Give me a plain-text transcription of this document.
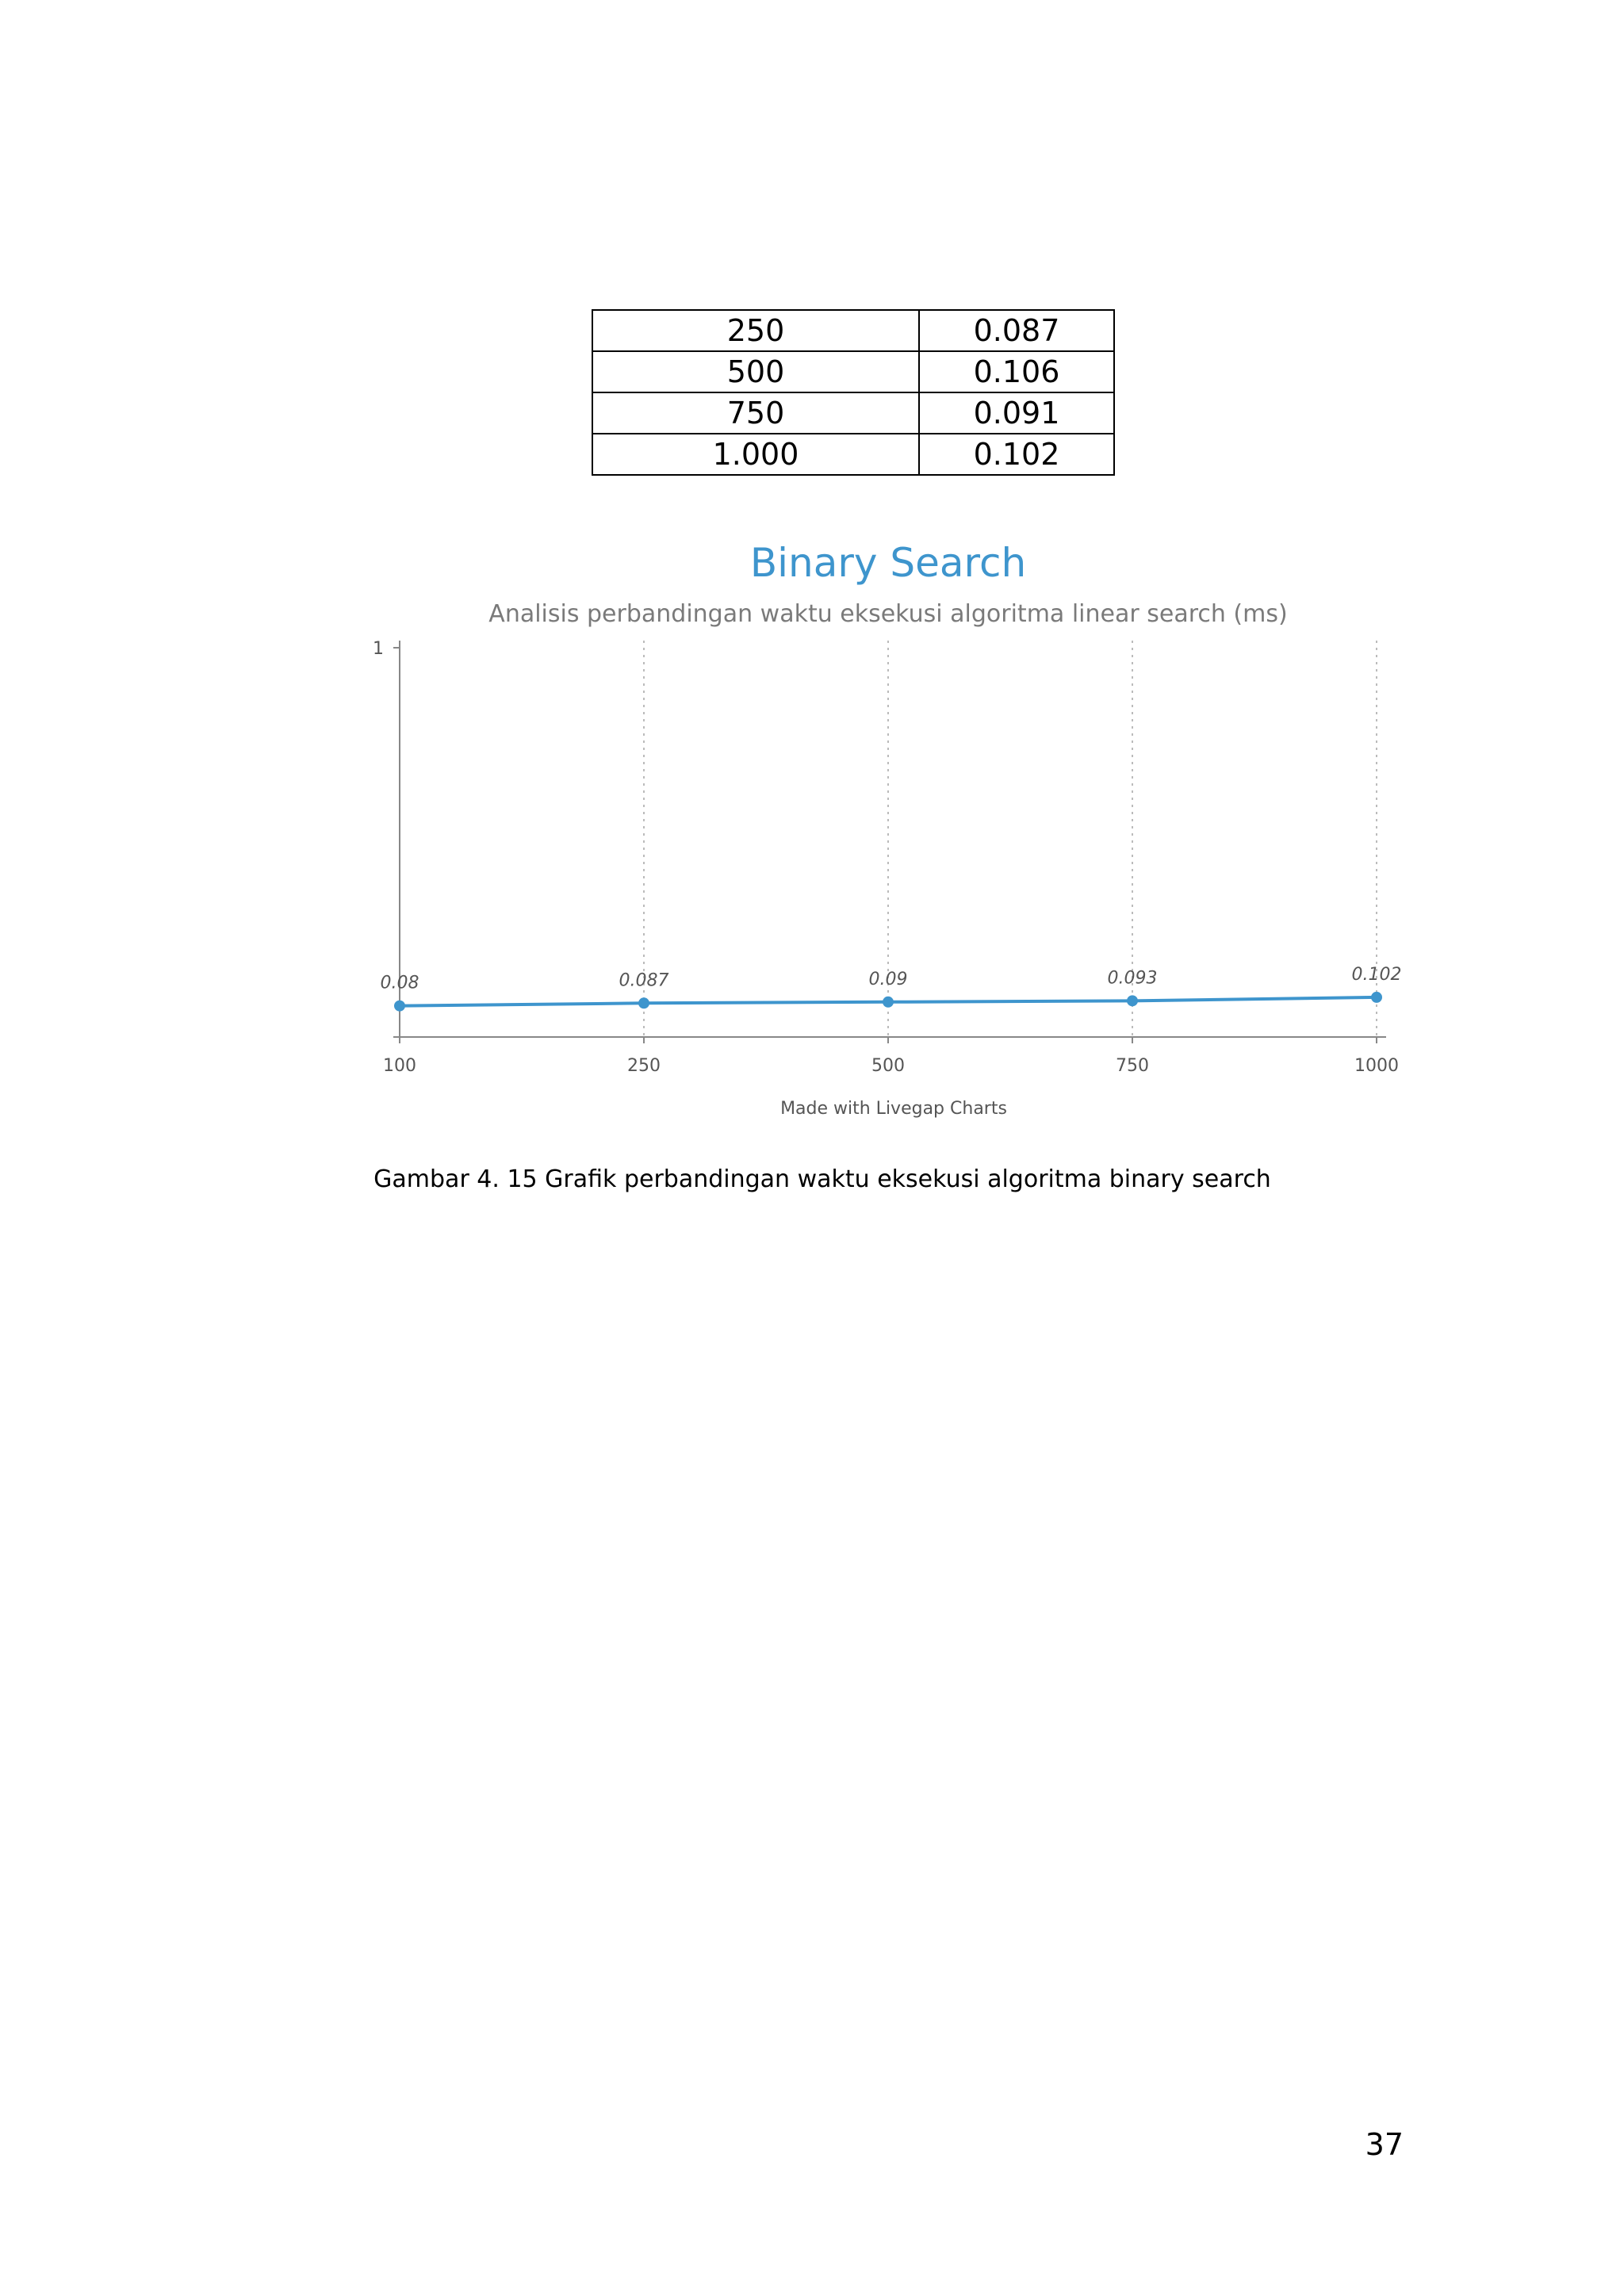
250	0.087
500	0.106
750	0.091
1.000	0.102
Binary Search
Analisis perbandingan waktu eksekusi algoritma linear search (ms)
1
100	250	500	750	1000
0.08	0.087	0.09	0.093	0.102
Made with Livegap Charts
Gambar 4. 15 Grafik perbandingan waktu eksekusi algoritma binary search
37
